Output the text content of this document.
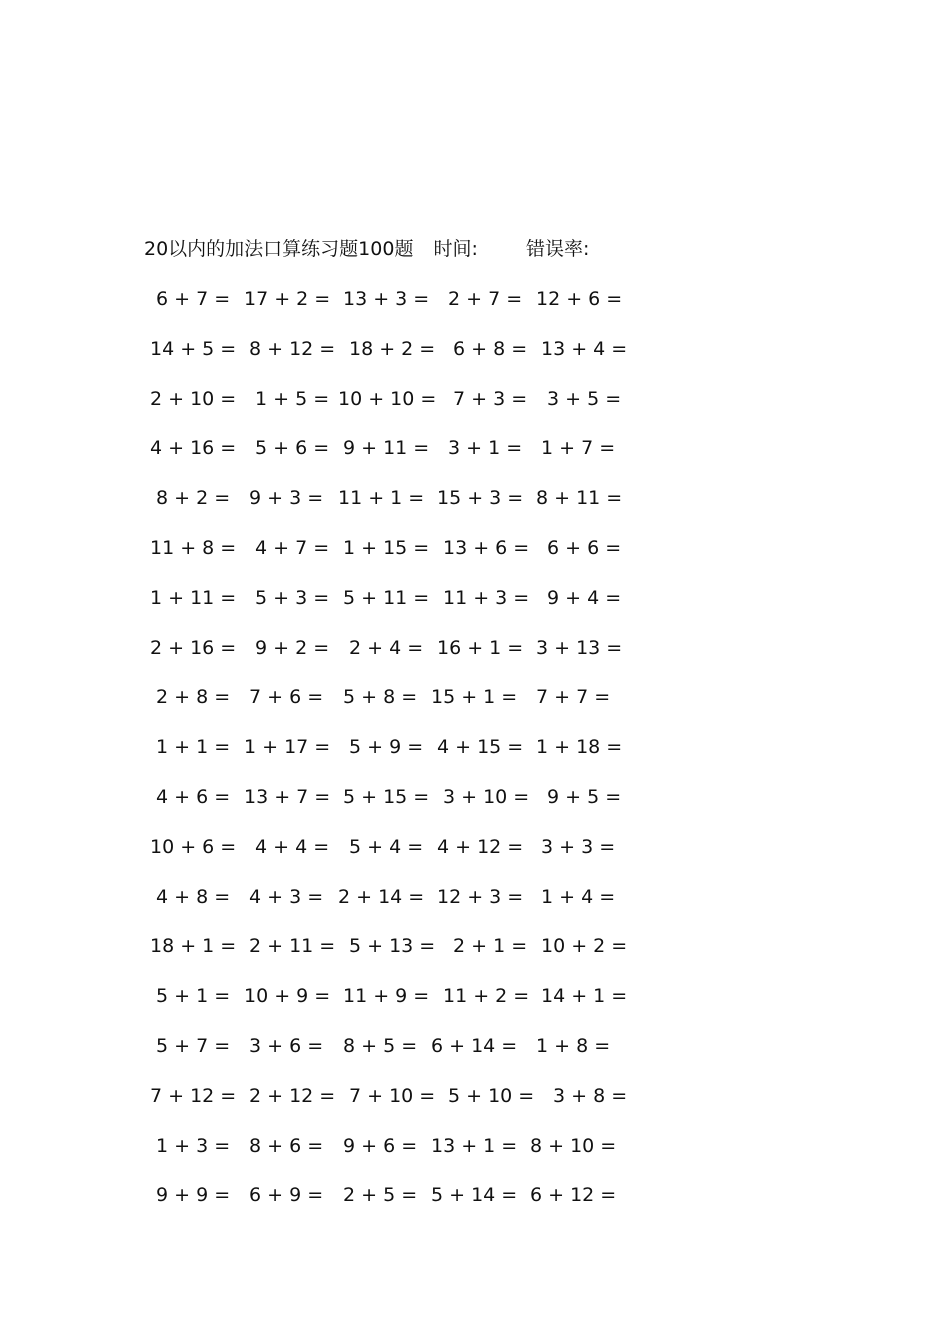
20以内的加法口算练习题100题 时间:	错误率:
6 + 7 = 17 + 2 = 13 + 3 = 2 + 7 = 12 + 6 =
14 + 5 = 8 + 12 = 18 + 2 = 6 + 8 = 13 + 4 =
2 + 10 = 1 + 5 = 10 + 10 = 7 + 3 = 3 + 5 =
4 + 16 = 5 + 6 = 9 + 11 = 3 + 1 = 1 + 7 =
8 + 2 = 9 + 3 = 11 + 1 = 15 + 3 = 8 + 11 =
11 + 8 = 4 + 7 = 1 + 15 = 13 + 6 = 6 + 6 =
1 + 11 = 5 + 3 = 5 + 11 = 11 + 3 = 9 + 4 =
2 + 16 = 9 + 2 = 2 + 4 = 16 + 1 = 3 + 13 =
2 + 8 = 7 + 6 = 5 + 8 = 15 + 1 = 7 + 7 =
1 + 1 = 1 + 17 = 5 + 9 = 4 + 15 = 1 + 18 =
4 + 6 = 13 + 7 = 5 + 15 = 3 + 10 = 9 + 5 =
10 + 6 = 4 + 4 = 5 + 4 = 4 + 12 = 3 + 3 =
4 + 8 = 4 + 3 = 2 + 14 = 12 + 3 = 1 + 4 =
18 + 1 = 2 + 11 = 5 + 13 = 2 + 1 = 10 + 2 =
5 + 1 = 10 + 9 = 11 + 9 = 11 + 2 = 14 + 1 =
5 + 7 = 3 + 6 = 8 + 5 = 6 + 14 = 1 + 8 =
7 + 12 = 2 + 12 = 7 + 10 = 5 + 10 = 3 + 8 =
1 + 3 = 8 + 6 = 9 + 6 = 13 + 1 = 8 + 10 =
9 + 9 = 6 + 9 = 2 + 5 = 5 + 14 = 6 + 12 =
